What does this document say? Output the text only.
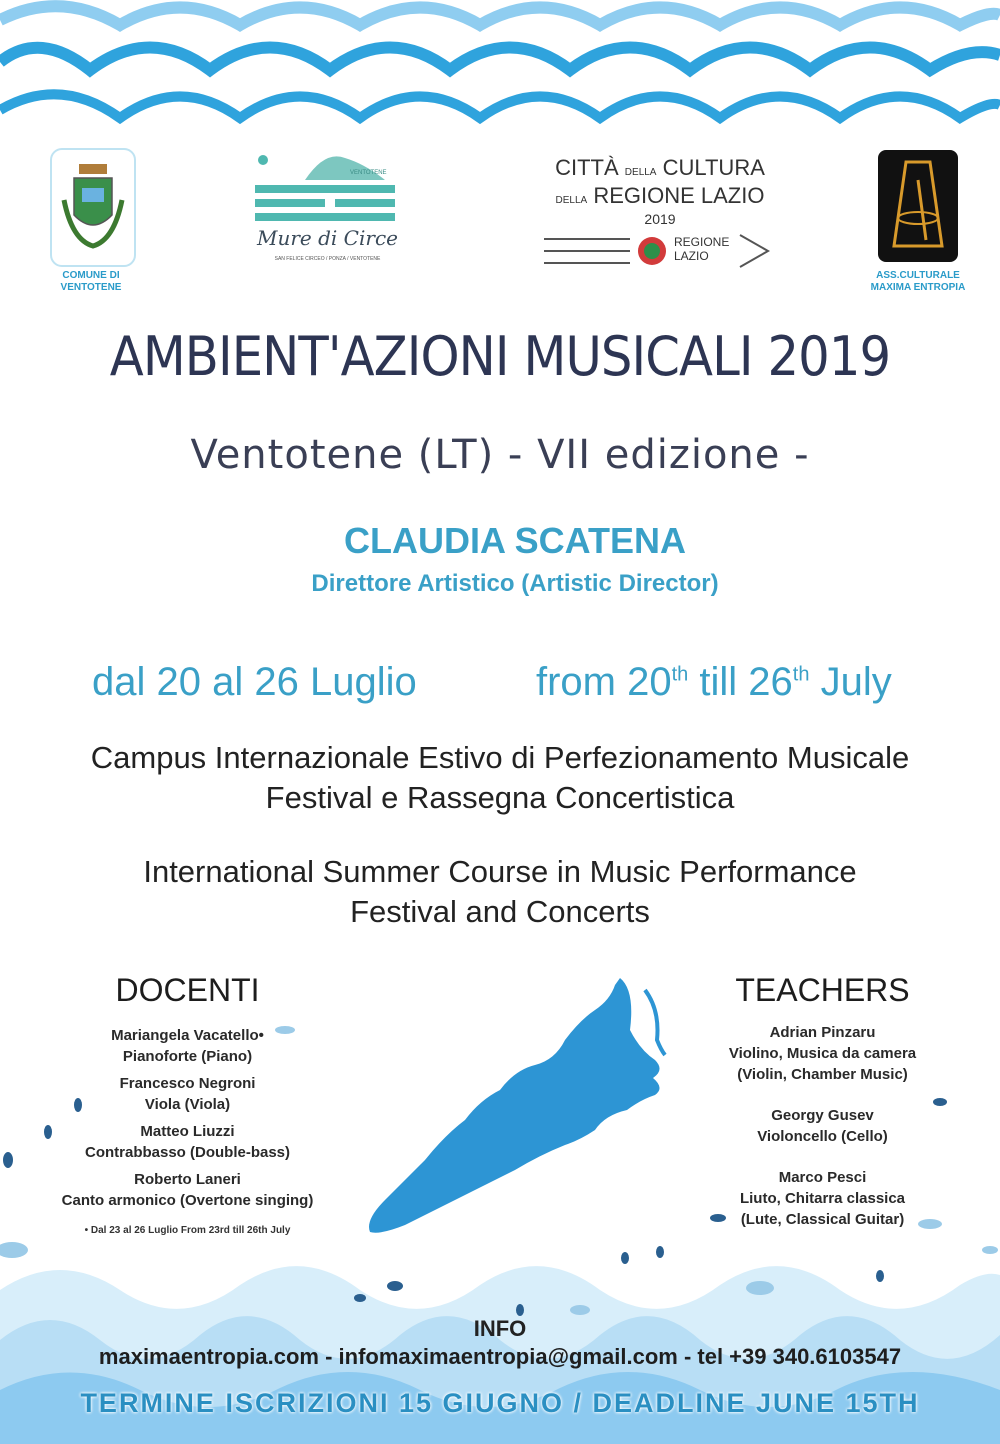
COMUNE DI
VENTOTENE
VENTOTENE
Mure di Circe
SAN FELICE CIRCEO / PONZA / VENTOTENE
CITTÀ DELLA CULTURA
DELLA REGIONE LAZIO
2019
REGIONE
LAZIO
ASS.CULTURALE
MAXIMA ENTROPIA
AMBIENT'AZIONI MUSICALI 2019
Ventotene (LT) - VII edizione -
CLAUDIA SCATENA
Direttore Artistico (Artistic Director)
dal 20 al 26 Luglio	from 20th till 26th July
Campus Internazionale Estivo di Perfezionamento Musicale
Festival e Rassegna Concertistica
International Summer Course in Music Performance
Festival and Concerts
DOCENTI
Mariangela Vacatello•
Pianoforte (Piano)
Francesco Negroni
Viola (Viola)
Matteo Liuzzi
Contrabbasso (Double-bass)
Roberto Laneri
Canto armonico (Overtone singing)
• Dal 23 al 26 Luglio From 23rd till 26th July
TEACHERS
Adrian Pinzaru
Violino, Musica da camera
(Violin, Chamber Music)
Georgy Gusev
Violoncello (Cello)
Marco Pesci
Liuto, Chitarra classica
(Lute, Classical Guitar)
INFO
maximaentropia.com - infomaximaentropia@gmail.com - tel +39 340.6103547
TERMINE ISCRIZIONI 15 GIUGNO / DEADLINE JUNE 15TH
